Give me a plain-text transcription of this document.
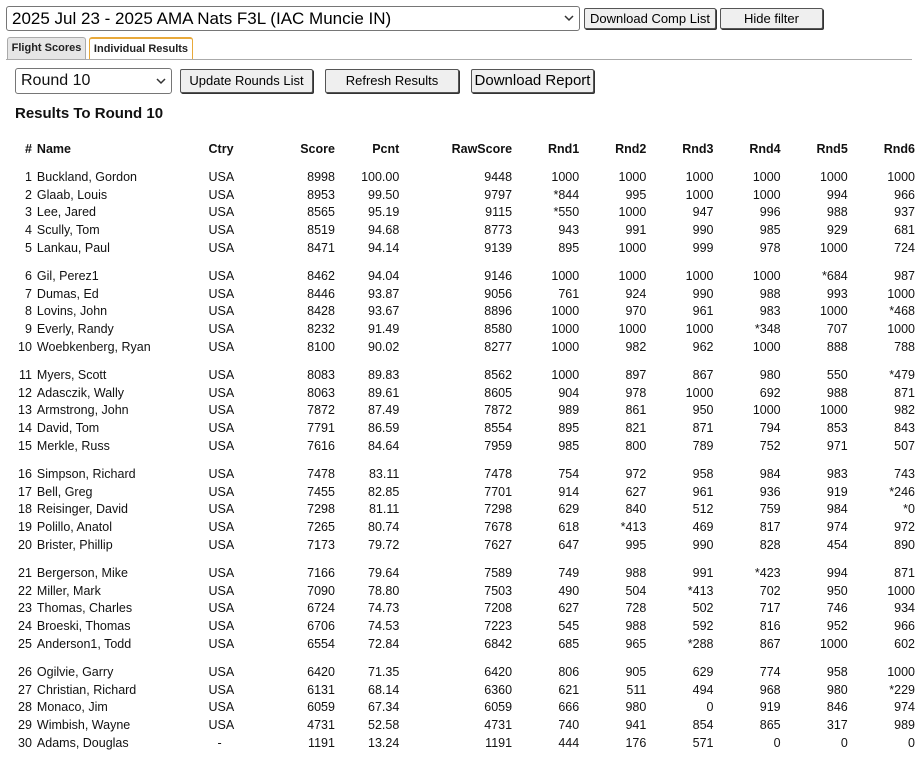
2025 Jul 23 - 2025 AMA Nats F3L (IAC Muncie IN)	Download Comp List	Hide filter
Flight Scores	Individual Results
Round 10	Update Rounds List	Refresh Results	Download Report
Results To Round 10
#	Name	Ctry	Score	Pcnt	RawScore	Rnd1	Rnd2	Rnd3	Rnd4	Rnd5	Rnd6

1	Buckland, Gordon	USA	8998	100.00	9448	1000	1000	1000	1000	1000	1000
2	Glaab, Louis	USA	8953	99.50	9797	*844	995	1000	1000	994	966
3	Lee, Jared	USA	8565	95.19	9115	*550	1000	947	996	988	937
4	Scully, Tom	USA	8519	94.68	8773	943	991	990	985	929	681
5	Lankau, Paul	USA	8471	94.14	9139	895	1000	999	978	1000	724

6	Gil, Perez1	USA	8462	94.04	9146	1000	1000	1000	1000	*684	987
7	Dumas, Ed	USA	8446	93.87	9056	761	924	990	988	993	1000
8	Lovins, John	USA	8428	93.67	8896	1000	970	961	983	1000	*468
9	Everly, Randy	USA	8232	91.49	8580	1000	1000	1000	*348	707	1000
10	Woebkenberg, Ryan	USA	8100	90.02	8277	1000	982	962	1000	888	788

11	Myers, Scott	USA	8083	89.83	8562	1000	897	867	980	550	*479
12	Adasczik, Wally	USA	8063	89.61	8605	904	978	1000	692	988	871
13	Armstrong, John	USA	7872	87.49	7872	989	861	950	1000	1000	982
14	David, Tom	USA	7791	86.59	8554	895	821	871	794	853	843
15	Merkle, Russ	USA	7616	84.64	7959	985	800	789	752	971	507

16	Simpson, Richard	USA	7478	83.11	7478	754	972	958	984	983	743
17	Bell, Greg	USA	7455	82.85	7701	914	627	961	936	919	*246
18	Reisinger, David	USA	7298	81.11	7298	629	840	512	759	984	*0
19	Polillo, Anatol	USA	7265	80.74	7678	618	*413	469	817	974	972
20	Brister, Phillip	USA	7173	79.72	7627	647	995	990	828	454	890

21	Bergerson, Mike	USA	7166	79.64	7589	749	988	991	*423	994	871
22	Miller, Mark	USA	7090	78.80	7503	490	504	*413	702	950	1000
23	Thomas, Charles	USA	6724	74.73	7208	627	728	502	717	746	934
24	Broeski, Thomas	USA	6706	74.53	7223	545	988	592	816	952	966
25	Anderson1, Todd	USA	6554	72.84	6842	685	965	*288	867	1000	602

26	Ogilvie, Garry	USA	6420	71.35	6420	806	905	629	774	958	1000
27	Christian, Richard	USA	6131	68.14	6360	621	511	494	968	980	*229
28	Monaco, Jim	USA	6059	67.34	6059	666	980	0	919	846	974
29	Wimbish, Wayne	USA	4731	52.58	4731	740	941	854	865	317	989
30	Adams, Douglas	-	1191	13.24	1191	444	176	571	0	0	0
